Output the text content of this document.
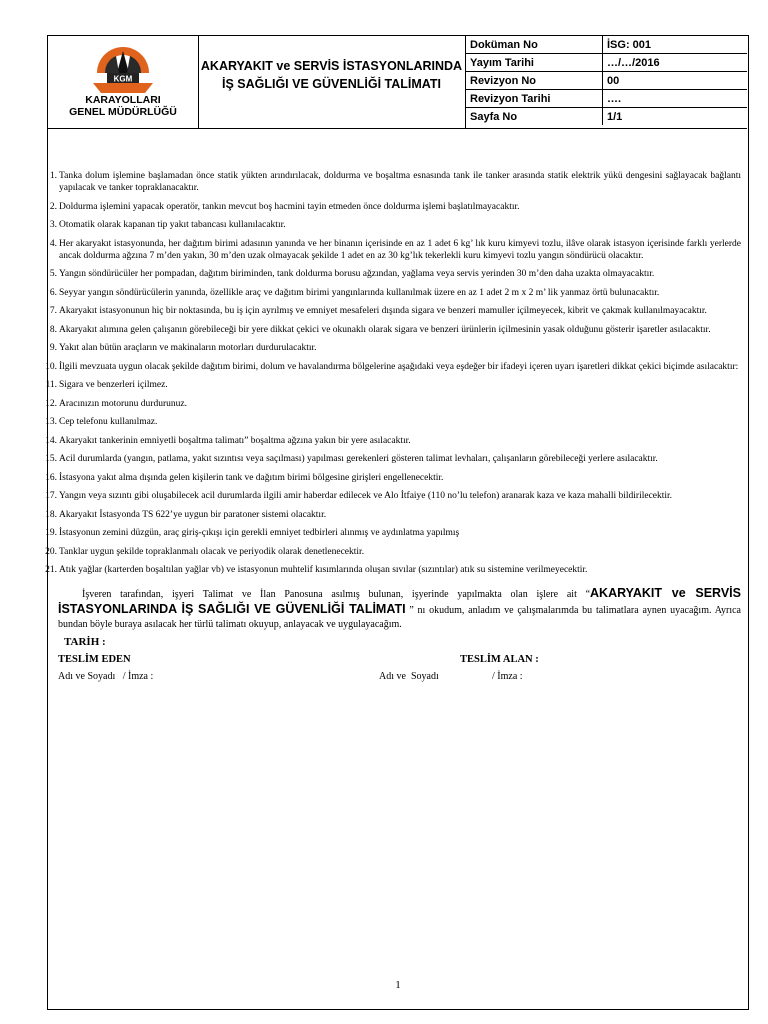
KGM
KARAYOLLARI
GENEL MÜDÜRLÜĞÜ
AKARYAKIT ve SERVİS İSTASYONLARINDA
İŞ SAĞLIĞI VE GÜVENLİĞİ TALİMATI
Doküman No	İSG: 001
Yayım Tarihi	…/…/2016
Revizyon No	00
Revizyon Tarihi	….
Sayfa No	1/1
1. Tanka dolum işlemine başlamadan önce statik yükten arındırılacak, doldurma ve boşaltma esnasında tank ile tanker arasında statik elektrik yükü dengesini sağlayacak bağlantı yapılacak ve tanker topraklanacaktır.
2. Doldurma işlemini yapacak operatör, tankın mevcut boş hacmini tayin etmeden önce doldurma işlemi başlatılmayacaktır.
3. Otomatik olarak kapanan tip yakıt tabancası kullanılacaktır.
4. Her akaryakıt istasyonunda, her dağıtım birimi adasının yanında ve her binanın içerisinde en az 1 adet 6 kg’ lık kuru kimyevi tozlu, ilâve olarak istasyon içerisinde farklı yerlerde ancak doldurma ağzına 7 m’den yakın, 30 m’den uzak olmayacak şekilde 1 adet en az 30 kg’lık tekerlekli kuru kimyevi tozlu yangın söndürücü olacaktır.
5. Yangın söndürücüler her pompadan, dağıtım biriminden, tank doldurma borusu ağzından, yağlama veya servis yerinden 30 m’den daha uzakta olmayacaktır.
6. Seyyar yangın söndürücülerin yanında, özellikle araç ve dağıtım birimi yangınlarında kullanılmak üzere en az 1 adet 2 m x 2 m’ lik yanmaz örtü bulunacaktır.
7. Akaryakıt istasyonunun hiç bir noktasında, bu iş için ayrılmış ve emniyet mesafeleri dışında sigara ve benzeri mamuller içilmeyecek, kibrit ve çakmak kullanılmayacaktır.
8. Akaryakıt alımına gelen çalışanın görebileceği bir yere dikkat çekici ve okunaklı olarak sigara ve benzeri ürünlerin içilmesinin yasak olduğunu gösterir işaretler asılacaktır.
9. Yakıt alan bütün araçların ve makinaların motorları durdurulacaktır.
10. İlgili mevzuata uygun olacak şekilde dağıtım birimi, dolum ve havalandırma bölgelerine aşağıdaki veya eşdeğer bir ifadeyi içeren uyarı işaretleri dikkat çekici biçimde asılacaktır:
11. Sigara ve benzerleri içilmez.
12. Aracınızın motorunu durdurunuz.
13. Cep telefonu kullanılmaz.
14. Akaryakıt tankerinin emniyetli boşaltma talimatı” boşaltma ağzına yakın bir yere asılacaktır.
15. Acil durumlarda (yangın, patlama, yakıt sızıntısı veya saçılması) yapılması gerekenleri gösteren talimat levhaları, çalışanların görebileceği yerlere asılacaktır.
16. İstasyona yakıt alma dışında gelen kişilerin tank ve dağıtım birimi bölgesine girişleri engellenecektir.
17. Yangın veya sızıntı gibi oluşabilecek acil durumlarda ilgili amir haberdar edilecek ve Alo İtfaiye (110 no’lu telefon) aranarak kaza ve kaza mahalli bildirilecektir.
18. Akaryakıt İstasyonda TS 622’ye uygun bir paratoner sistemi olacaktır.
19. İstasyonun zemini düzgün, araç giriş-çıkışı için gerekli emniyet tedbirleri alınmış ve aydınlatma yapılmış
20. Tanklar uygun şekilde topraklanmalı olacak ve periyodik olarak denetlenecektir.
21. Atık yağlar (karterden boşaltılan yağlar vb) ve istasyonun muhtelif kısımlarında oluşan sıvılar (sızıntılar) atık su sistemine verilmeyecektir.
İşveren tarafından, işyeri Talimat ve İlan Panosuna asılmış bulunan, işyerinde yapılmakta olan işlere ait “AKARYAKIT ve SERVİS İSTASYONLARINDA İŞ SAĞLIĞI VE GÜVENLİĞİ TALİMATI ” nı okudum, anladım ve çalışmalarımda bu talimatlara aynen uyacağım. Ayrıca bundan böyle buraya asılacak her türlü talimatı okuyup, anlayacak ve uygulayacağım.
TARİH :
TESLİM EDEN	TESLİM ALAN :
Adı ve Soyadı   / İmza :	Adı ve  Soyadı	/ İmza :
1
